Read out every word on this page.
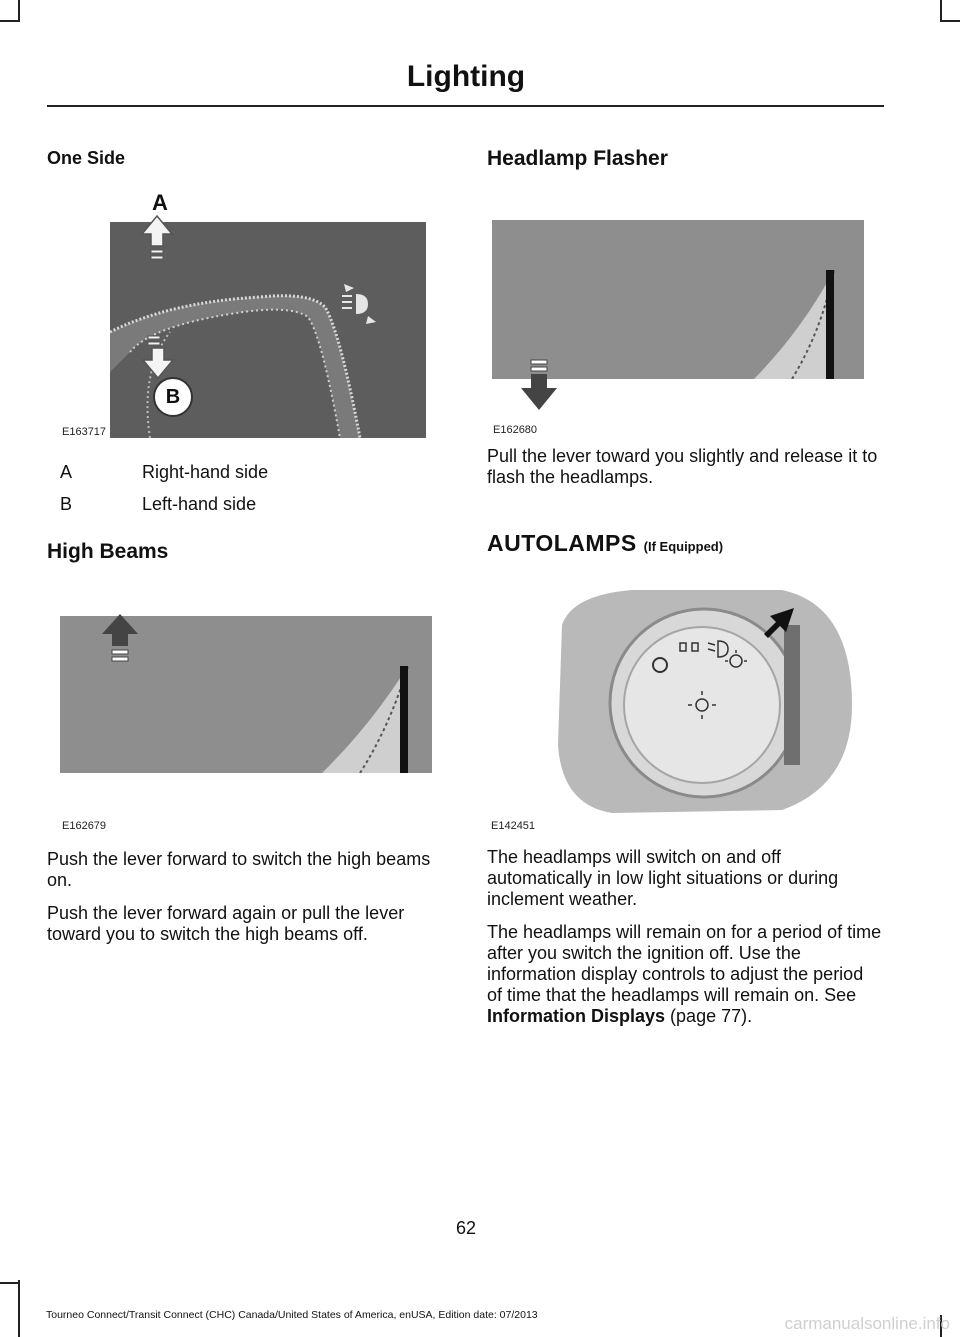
Lighting
One Side
A
B
E163717
A	Right-hand side
B	Left-hand side
High Beams
E162679

Push the lever forward to switch the high beams on.

Push the lever forward again or pull the lever toward you to switch the high beams off.

Headlamp Flasher
E162680

Pull the lever toward you slightly and release it to flash the headlamps.

AUTOLAMPS (If Equipped)
E142451

The headlamps will switch on and off automatically in low light situations or during inclement weather.

The headlamps will remain on for a period of time after you switch the ignition off. Use the information display controls to adjust the period of time that the headlamps will remain on. See Information Displays (page 77).

62
Tourneo Connect/Transit Connect (CHC) Canada/United States of America, enUSA, Edition date: 07/2013	carmanualsonline.info
